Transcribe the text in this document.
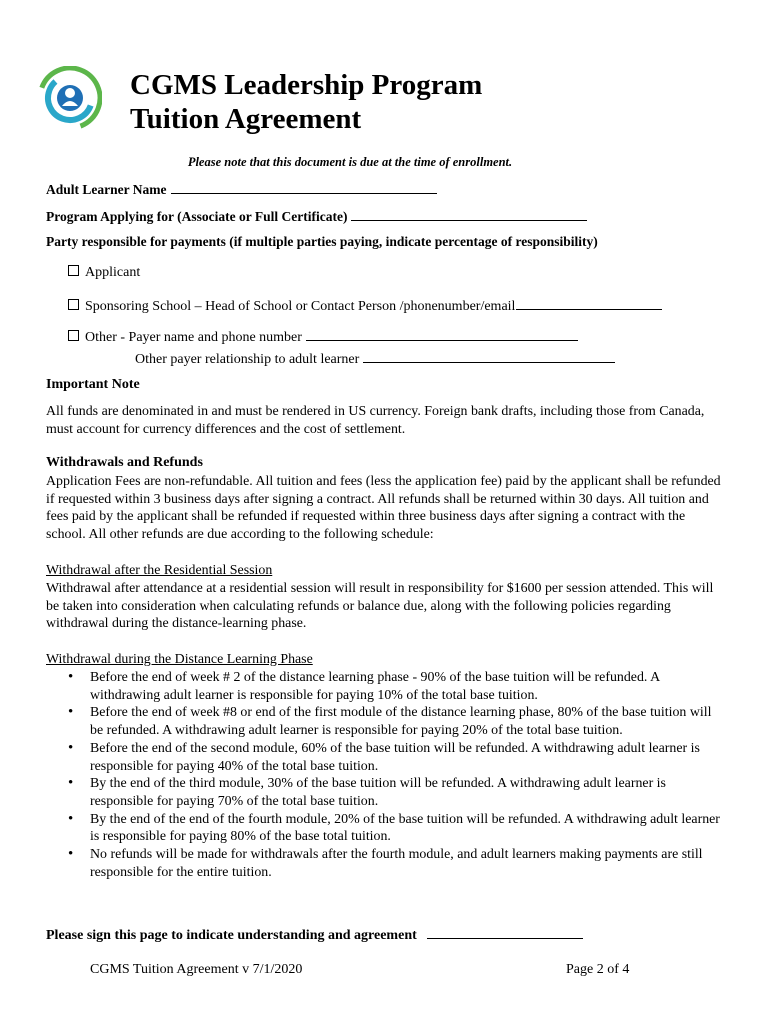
CGMS Leadership Program
Tuition Agreement
Please note that this document is due at the time of enrollment.
Adult Learner Name
Program Applying for (Associate or Full Certificate)
Party responsible for payments (if multiple parties paying, indicate percentage of responsibility)
Applicant
Sponsoring School – Head of School or Contact Person /phonenumber/email
Other - Payer name and phone number
Other payer relationship to adult learner
Important Note
All funds are denominated in and must be rendered in US currency. Foreign bank drafts, including those from Canada, must account for currency differences and the cost of settlement.
Withdrawals and Refunds
Application Fees are non-refundable. All tuition and fees (less the application fee) paid by the applicant shall be refunded if requested within 3 business days after signing a contract. All refunds shall be returned within 30 days. All tuition and fees paid by the applicant shall be refunded if requested within three business days after signing a contract with the school. All other refunds are due according to the following schedule:
Withdrawal after the Residential Session
Withdrawal after attendance at a residential session will result in responsibility for $1600 per session attended. This will be taken into consideration when calculating refunds or balance due, along with the following policies regarding withdrawal during the distance-learning phase.
Withdrawal during the Distance Learning Phase
• Before the end of week # 2 of the distance learning phase - 90% of the base tuition will be refunded. A withdrawing adult learner is responsible for paying 10% of the total base tuition.
• Before the end of week #8 or end of the first module of the distance learning phase, 80% of the base tuition will be refunded. A withdrawing adult learner is responsible for paying 20% of the total base tuition.
• Before the end of the second module, 60% of the base tuition will be refunded. A withdrawing adult learner is responsible for paying 40% of the total base tuition.
• By the end of the third module, 30% of the base tuition will be refunded. A withdrawing adult learner is responsible for paying 70% of the total base tuition.
• By the end of the end of the fourth module, 20% of the base tuition will be refunded. A withdrawing adult learner is responsible for paying 80% of the base total tuition.
• No refunds will be made for withdrawals after the fourth module, and adult learners making payments are still responsible for the entire tuition.
Please sign this page to indicate understanding and agreement
CGMS Tuition Agreement v 7/1/2020	Page 2 of 4
